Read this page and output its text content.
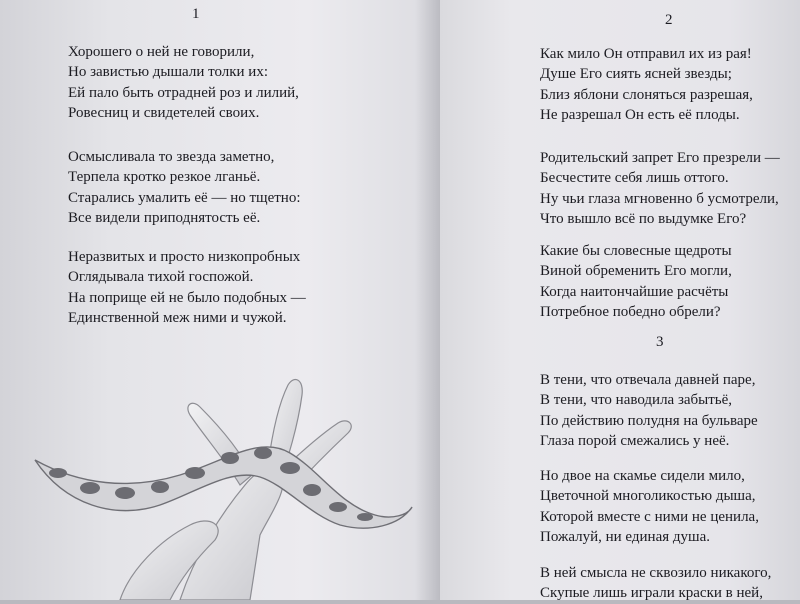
1
Хорошего о ней не говорили,
Но завистью дышали толки их:
Ей пало быть отрадней роз и лилий,
Ровесниц и свидетелей своих.
Осмысливала то звезда заметно,
Терпела кротко резкое лганьё.
Старались умалить её — но тщетно:
Все видели приподнятость её.
Неразвитых и просто низкопробных
Оглядывала тихой госпожой.
На поприще ей не было подобных —
Единственной меж ними и чужой.
2
Как мило Он отправил их из рая!
Душе Его сиять ясней звезды;
Близ яблони слоняться разрешая,
Не разрешал Он есть её плоды.
Родительский запрет Его презрели —
Бесчестите себя лишь оттого.
Ну чьи глаза мгновенно б усмотрели,
Что вышло всё по выдумке Его?
Какие бы словесные щедроты
Виной обременить Его могли,
Когда наитончайшие расчёты
Потребное победно обрели?
3
В тени, что отвечала давней паре,
В тени, что наводила забытьё,
По действию полудня на бульваре
Глаза порой смежались у неё.
Но двое на скамье сидели мило,
Цветочной многоликостью дыша,
Которой вместе с ними не ценила,
Пожалуй, ни единая душа.
В ней смысла не сквозило никакого,
Скупые лишь играли краски в ней,
